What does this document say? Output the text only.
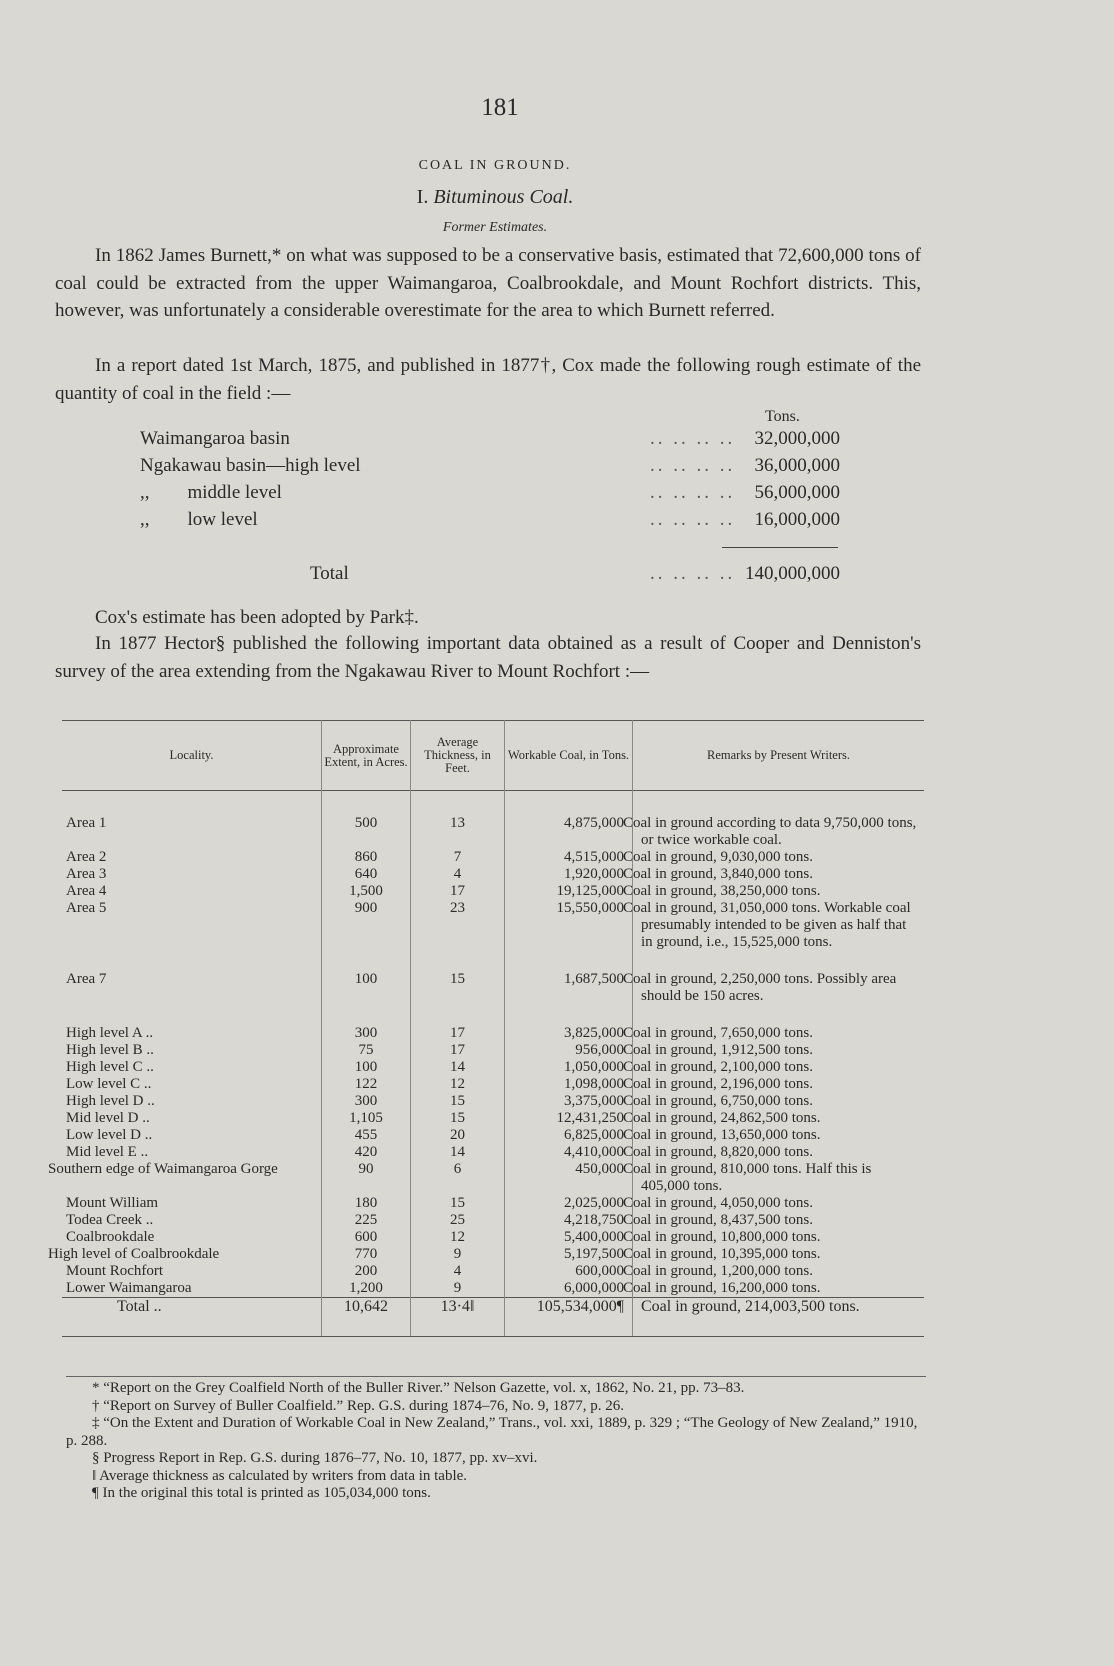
181
COAL IN GROUND.
I. Bituminous Coal.
Former Estimates.

In 1862 James Burnett,* on what was supposed to be a conservative basis, estimated that 72,600,000 tons of coal could be extracted from the upper Waimangaroa, Coalbrookdale, and Mount Rochfort districts. This, however, was unfortunately a considerable overestimate for the area to which Burnett referred.

In a report dated 1st March, 1875, and published in 1877†, Cox made the following rough estimate of the quantity of coal in the field :—

Tons.
Waimangaroa basin	.. .. .. .. 32,000,000
Ngakawau basin—high level	.. .. .. .. 36,000,000
,,        middle level	.. .. .. .. 56,000,000
,,        low level	.. .. .. .. 16,000,000
Total	.. .. .. .. 140,000,000

Cox's estimate has been adopted by Park‡.

In 1877 Hector§ published the following important data obtained as a result of Cooper and Denniston's survey of the area extending from the Ngakawau River to Mount Rochfort :—

Locality.	Approximate Extent, in Acres.	Average Thickness, in Feet.	Workable Coal, in Tons.	Remarks by Present Writers.

Area 1	500	13	4,875,000	Coal in ground according to data 9,750,000 tons, or twice workable coal.
Area 2	860	7	4,515,000	Coal in ground, 9,030,000 tons.
Area 3	640	4	1,920,000	Coal in ground, 3,840,000 tons.
Area 4	1,500	17	19,125,000	Coal in ground, 38,250,000 tons.
Area 5	900	23	15,550,000	Coal in ground, 31,050,000 tons. Workable coal presumably intended to be given as half that in ground, i.e., 15,525,000 tons.

Area 7	100	15	1,687,500	Coal in ground, 2,250,000 tons. Possibly area should be 150 acres.

High level A ..	300	17	3,825,000	Coal in ground, 7,650,000 tons.
High level B ..	75	17	956,000	Coal in ground, 1,912,500 tons.
High level C ..	100	14	1,050,000	Coal in ground, 2,100,000 tons.
Low level C ..	122	12	1,098,000	Coal in ground, 2,196,000 tons.
High level D ..	300	15	3,375,000	Coal in ground, 6,750,000 tons.
Mid level D ..	1,105	15	12,431,250	Coal in ground, 24,862,500 tons.
Low level D ..	455	20	6,825,000	Coal in ground, 13,650,000 tons.
Mid level E ..	420	14	4,410,000	Coal in ground, 8,820,000 tons.
Southern edge of Waimangaroa Gorge	90	6	450,000	Coal in ground, 810,000 tons. Half this is 405,000 tons.
Mount William	180	15	2,025,000	Coal in ground, 4,050,000 tons.
Todea Creek ..	225	25	4,218,750	Coal in ground, 8,437,500 tons.
Coalbrookdale	600	12	5,400,000	Coal in ground, 10,800,000 tons.
High level of Coalbrookdale	770	9	5,197,500	Coal in ground, 10,395,000 tons.
Mount Rochfort	200	4	600,000	Coal in ground, 1,200,000 tons.
Lower Waimangaroa	1,200	9	6,000,000	Coal in ground, 16,200,000 tons.
Total ..	10,642	13·4‖	105,534,000¶	Coal in ground, 214,003,500 tons.

* “Report on the Grey Coalfield North of the Buller River.” Nelson Gazette, vol. x, 1862, No. 21, pp. 73–83.

† “Report on Survey of Buller Coalfield.” Rep. G.S. during 1874–76, No. 9, 1877, p. 26.

‡ “On the Extent and Duration of Workable Coal in New Zealand,” Trans., vol. xxi, 1889, p. 329 ; “The Geology of New Zealand,” 1910, p. 288.

§ Progress Report in Rep. G.S. during 1876–77, No. 10, 1877, pp. xv–xvi.

‖ Average thickness as calculated by writers from data in table.

¶ In the original this total is printed as 105,034,000 tons.
